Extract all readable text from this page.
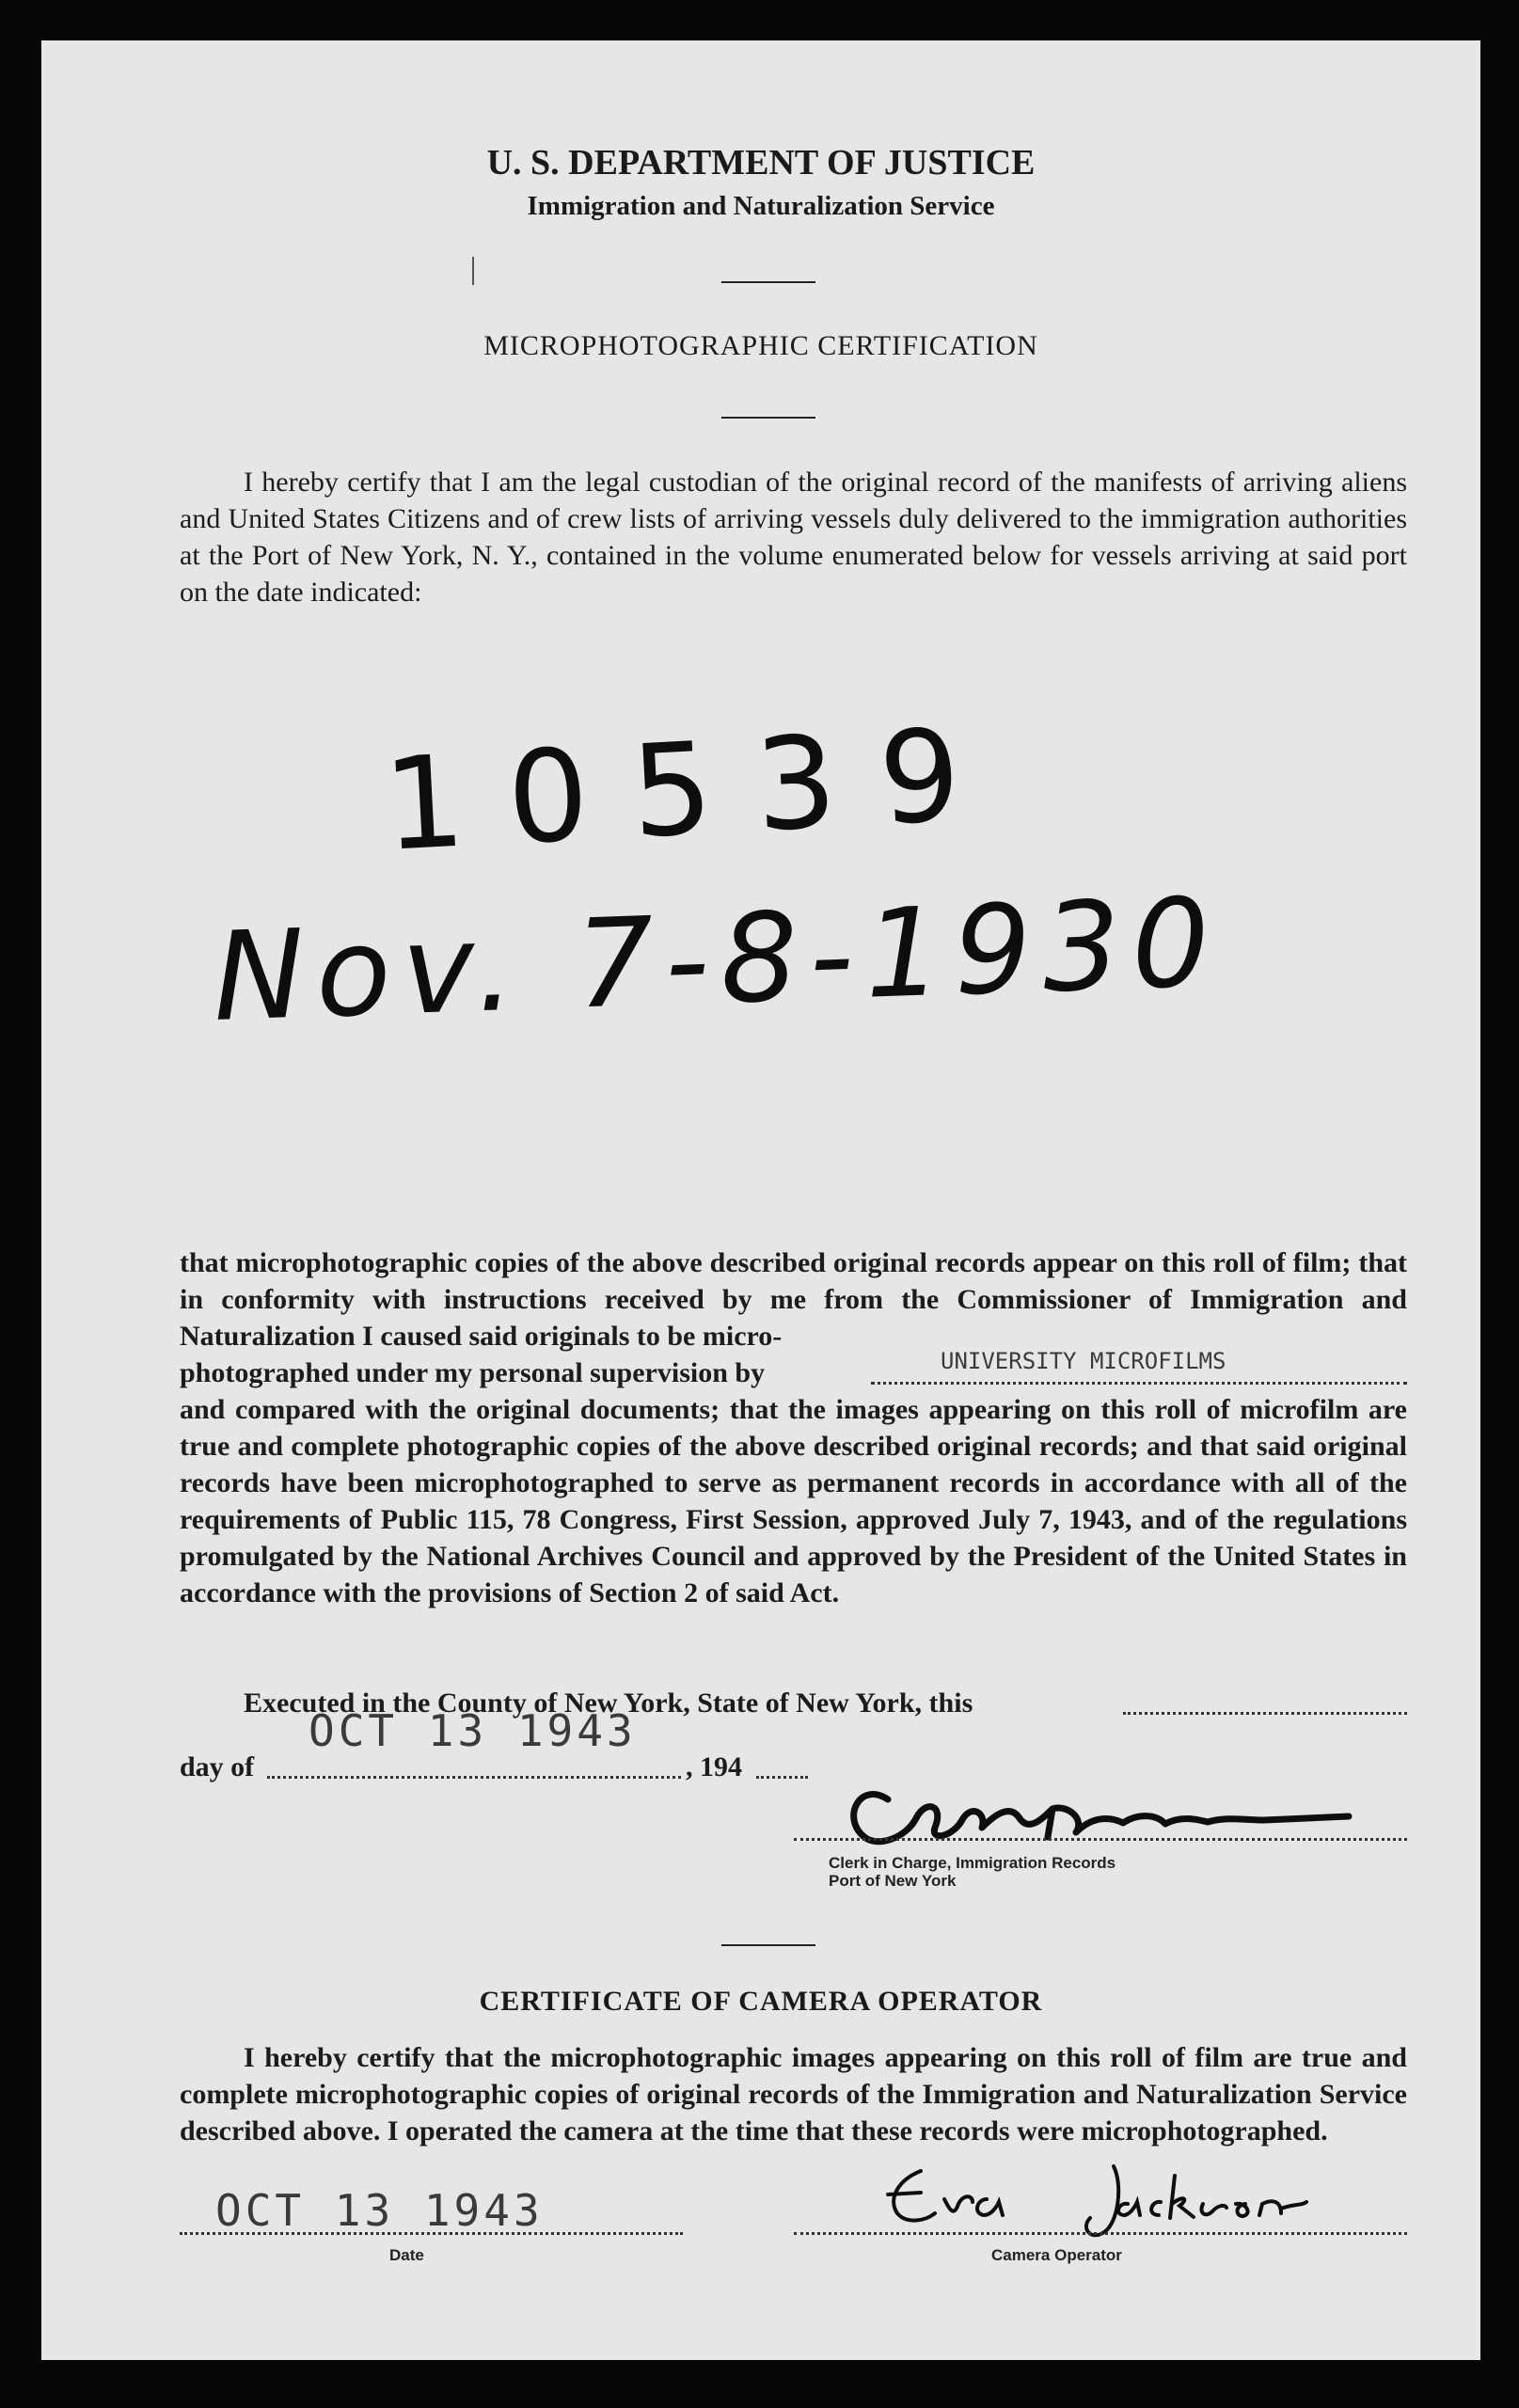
U. S. DEPARTMENT OF JUSTICE
Immigration and Naturalization Service
MICROPHOTOGRAPHIC CERTIFICATION
I hereby certify that I am the legal custodian of the original record of the manifests of arriving aliens and United States Citizens and of crew lists of arriving vessels duly delivered to the immigration authorities at the Port of New York, N. Y., contained in the volume enumerated below for vessels arriving at said port on the date indicated:
10539
Nov. 7-8-1930
that microphotographic copies of the above described original records appear on this roll of film; that in conformity with instructions received by me from the Commissioner of Immigration and Naturalization I caused said originals to be micro-
photographed under my personal supervision by	UNIVERSITY MICROFILMS
and compared with the original documents; that the images appearing on this roll of microfilm are true and complete photographic copies of the above described original records; and that said original records have been microphotographed to serve as permanent records in accordance with all of the requirements of Public 115, 78 Congress, First Session, approved July 7, 1943, and of the regulations promulgated by the National Archives Council and approved by the President of the United States in accordance with the provisions of Section 2 of said Act.
Executed in the County of New York, State of New York, this
OCT 13 1943
day of	, 194
Clerk in Charge, Immigration Records
Port of New York
CERTIFICATE OF CAMERA OPERATOR
I hereby certify that the microphotographic images appearing on this roll of film are true and complete microphotographic copies of original records of the Immigration and Naturalization Service described above. I operated the camera at the time that these records were microphotographed.
OCT 13 1943
Date	Camera Operator
